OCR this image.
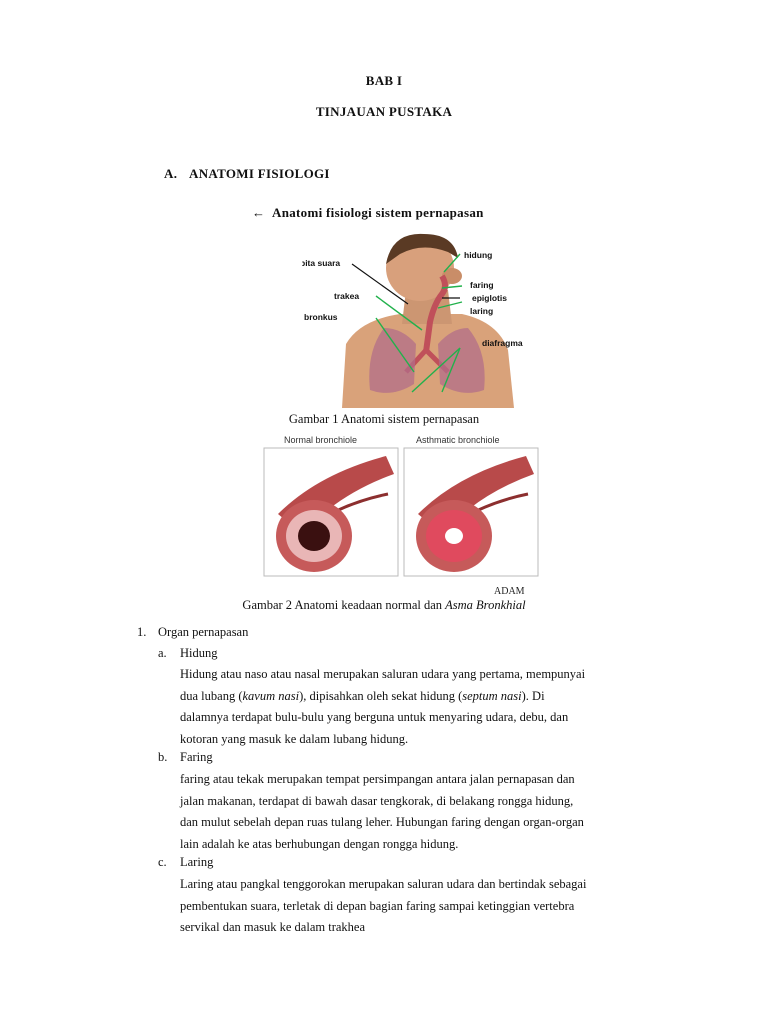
BAB I
TINJAUAN PUSTAKA
A. ANATOMI FISIOLOGI
← Anatomi fisiologi sistem pernapasan
pita suara
trakea
bronkus
hidung
faring
epiglotis
laring
diafragma
Gambar 1 Anatomi sistem pernapasan
Normal bronchiole	Asthmatic bronchiole
ADAM
Gambar 2 Anatomi keadaan normal dan Asma Bronkhial
1. Organ pernapasan
a. Hidung
Hidung atau naso atau nasal merupakan saluran udara yang pertama, mempunyai
dua lubang (kavum nasi), dipisahkan oleh sekat hidung (septum nasi). Di
dalamnya terdapat bulu-bulu yang berguna untuk menyaring udara, debu, dan
kotoran yang masuk ke dalam lubang hidung.
b. Faring
faring atau tekak merupakan tempat persimpangan antara jalan pernapasan dan
jalan makanan, terdapat di bawah dasar tengkorak, di belakang rongga hidung,
dan mulut sebelah depan ruas tulang leher. Hubungan faring dengan organ-organ
lain adalah ke atas berhubungan dengan rongga hidung.
c. Laring
Laring atau pangkal tenggorokan merupakan saluran udara dan bertindak sebagai
pembentukan suara, terletak di depan bagian faring sampai ketinggian vertebra
servikal dan masuk ke dalam trakhea
